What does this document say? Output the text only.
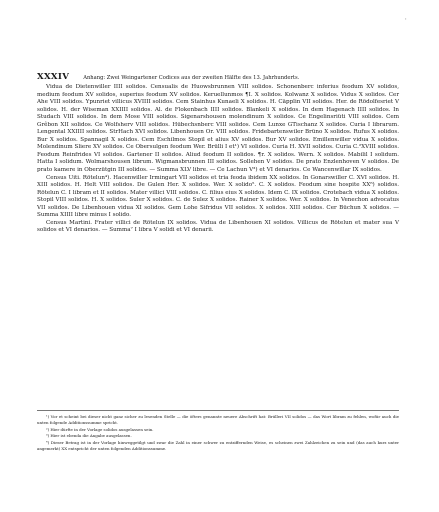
'
XXXIV	Anhang: Zwei Weingartener Codices aus der zweiten Hälfte des 13. Jahrhunderts.

Vidua de Dietenwiller IIII solidos. Censualis de Huowsbrunnen VIII solidos. Schonenberc inferius feodum XV solidos, medium feodum XV solidos, superius feodum XV solidos. Keruellunmos ¶I. X solidos. Kolwanz X solidos. Vidus X solidos. Cer Ahe VIII solidos. Ypunriet villicus XVIIII solidos. Cem Stainhus Kunaeli X solidos. H. Cäpplin VII solidos. Her. de Rödolfesriet V solidos. H. der Wiseman XXIIII solidos. Al. de Flokenbach IIII solidos. Blankeli X solidos. In dem Hagenach IIII solidos. In Studach VIII solidos. In dem Mose VIII solidos. Sigenarshousen molendinum X solidos. Ce Engelinsriüti VIII solidos. Cem Grêbon XII solidos. Ce Wolfsherv VIII solidos. Hübechsnberc VIII solidos. Cem Lunxe GTischanz X solidos. Curia I librarum. Lengental XXIIII solidos. StrHach XVI solidos. Libenhouen Or. VIII solidos. Fridebartenswiler Brüno X solidos. Rufus X solidos. Bur X solidos. Spannagil X solidos. Cem Eschilmos Stopil et alius XV solidos. Bur XV solidos. Emillenwiller vidua X solidos. Molendinum Sliere XV solidos. Ce Obersulgen feodum Wer. Brülli I et¹) VI solidos. Curia H. XVII solidos. Curia C.²XVIII solidos. Feodum Reinfrides VI solidos. Gartener II solidos. Aliud feodum II solidos. ¶r. X solidos. Wern. X solidos. Mabilil I solidum. Hatta I solidum. Wolmarshousen librum. Wigmansbrunnen III solidos. Sollehen V solidos. De prato Enzlenhoven V solidos. De prato kamere in Oberzütgin III solidos. — Summa XLV libre. — Ce Lachun V³) et VI denarios. Ce Wancenwillar IX solidos.

Census Uiti. Rötelun⁴). Hacenwiller Irmingart VII solidos et tria feoda ibidem XX solidos. In Gonarswiller C. XVI solidos. H. XIII solidos. H. Helt VIII solidos. De Gulen Her. X solidos. Wer. X solido⁵. C. X solidos. Feodum sine hospite XX⁶) solidos. Rötelun C. I libram et II solidos. Mater villici VIII solidos. C. filius eius X solidos. Idem C. IX solidos. Crotebach vidua X solidos. Stopil VIII solidos. H. X solidos. Suler X solidos. C. de Sulez X solidos. Rainer X solidos. Wer. X solidos. In Venechon advocatus VII solidos. De Libenhouen vidua XI solidos. Gem Lohe Sifridus VII solidos. X solidos. XIII solidos. Cer Büchun X solidos. — Summa XIIII libre minus I solido.

Census Martini. Frater villici de Rötelun IX solidos. Vidua de Libenhouen XI solidos. Villicus de Rötelun et mater sua V solidos et VI denarios. — Summa⁷ I libra V solidi et VI denarii.

¹) Vor et scheint bei dieser nicht ganz sicher zu lesenden Stelle — die öfters genannte neuere Abschrift hat: Brülleri VII solidos — das Wort libram zu fehlen, wofür auch die unten folgende Additionssumme spricht.

²) Hier dürfte in der Vorlage solidos ausgelassen sein.

³) Hier ist ebenda die Angabe ausgelassen.

⁴) Dieser Betrag ist in der Vorlage hinweggetilgt und zwar die Zahl in einer schwer zu entziffernden Weise, es scheinen zwei Zahlzeichen zu sein und (das auch kurz unter angemerkt) XX entspricht der unten folgenden Additionssumme.
